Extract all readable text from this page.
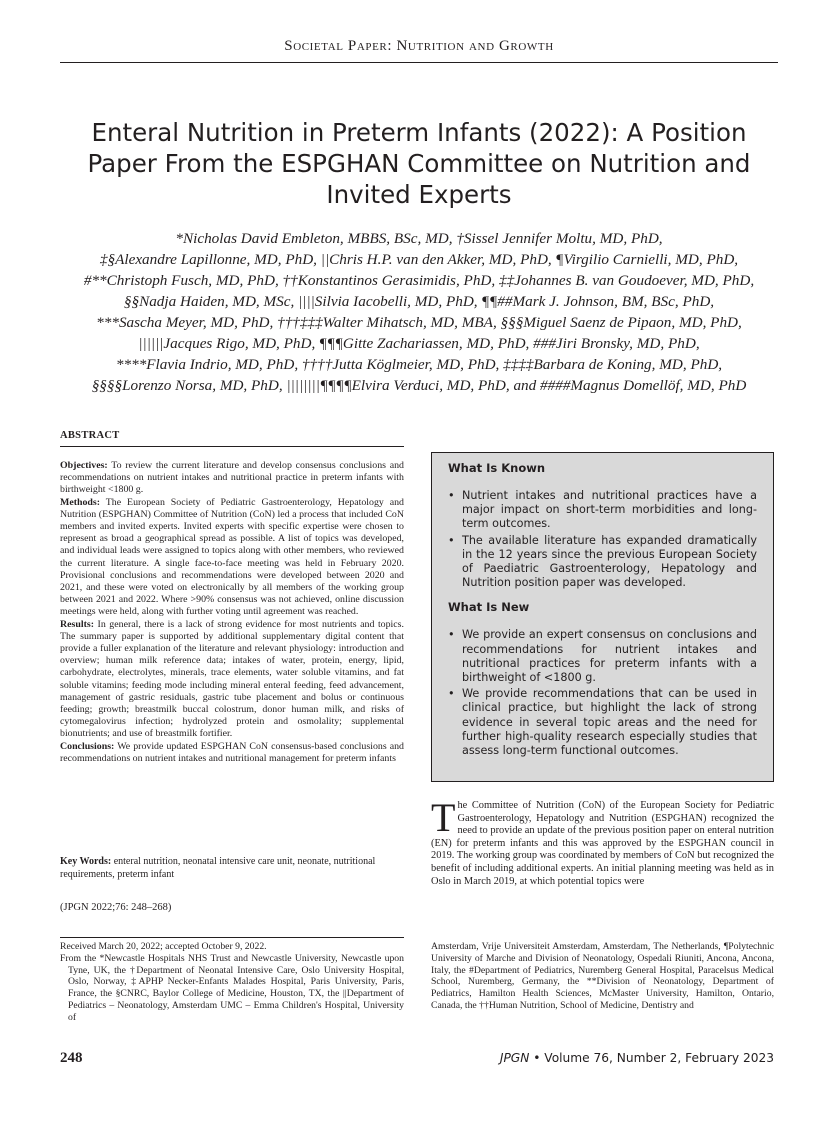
Societal Paper: Nutrition and Growth
Enteral Nutrition in Preterm Infants (2022): A Position Paper From the ESPGHAN Committee on Nutrition and Invited Experts
*Nicholas David Embleton, MBBS, BSc, MD, †Sissel Jennifer Moltu, MD, PhD,
‡§Alexandre Lapillonne, MD, PhD, ||Chris H.P. van den Akker, MD, PhD, ¶Virgilio Carnielli, MD, PhD,
#**Christoph Fusch, MD, PhD, ††Konstantinos Gerasimidis, PhD, ‡‡Johannes B. van Goudoever, MD, PhD,
§§Nadja Haiden, MD, MSc, ||||Silvia Iacobelli, MD, PhD, ¶¶##Mark J. Johnson, BM, BSc, PhD,
***Sascha Meyer, MD, PhD, †††‡‡‡Walter Mihatsch, MD, MBA, §§§Miguel Saenz de Pipaon, MD, PhD,
||||||Jacques Rigo, MD, PhD, ¶¶¶Gitte Zachariassen, MD, PhD, ###Jiri Bronsky, MD, PhD,
****Flavia Indrio, MD, PhD, ††††Jutta Köglmeier, MD, PhD, ‡‡‡‡Barbara de Koning, MD, PhD,
§§§§Lorenzo Norsa, MD, PhD, ||||||||¶¶¶¶Elvira Verduci, MD, PhD, and ####Magnus Domellöf, MD, PhD
ABSTRACT

Objectives: To review the current literature and develop consensus conclusions and recommendations on nutrient intakes and nutritional practice in preterm infants with birthweight <1800 g.

Methods: The European Society of Pediatric Gastroenterology, Hepatology and Nutrition (ESPGHAN) Committee of Nutrition (CoN) led a process that included CoN members and invited experts. Invited experts with specific expertise were chosen to represent as broad a geographical spread as possible. A list of topics was developed, and individual leads were assigned to topics along with other members, who reviewed the current literature. A single face-to-face meeting was held in February 2020. Provisional conclusions and recommendations were developed between 2020 and 2021, and these were voted on electronically by all members of the working group between 2021 and 2022. Where >90% consensus was not achieved, online discussion meetings were held, along with further voting until agreement was reached.

Results: In general, there is a lack of strong evidence for most nutrients and topics. The summary paper is supported by additional supplementary digital content that provide a fuller explanation of the literature and relevant physiology: introduction and overview; human milk reference data; intakes of water, protein, energy, lipid, carbohydrate, electrolytes, minerals, trace elements, water soluble vitamins, and fat soluble vitamins; feeding mode including mineral enteral feeding, feed advancement, management of gastric residuals, gastric tube placement and bolus or continuous feeding; growth; breastmilk buccal colostrum, donor human milk, and risks of cytomegalovirus infection; hydrolyzed protein and osmolality; supplemental bionutrients; and use of breastmilk fortifier.

Conclusions: We provide updated ESPGHAN CoN consensus-based conclusions and recommendations on nutrient intakes and nutritional management for preterm infants

Key Words: enteral nutrition, neonatal intensive care unit, neonate, nutritional requirements, preterm infant
(JPGN 2022;76: 248–268)
What Is Known
• Nutrient intakes and nutritional practices have a major impact on short-term morbidities and long-term outcomes.
• The available literature has expanded dramatically in the 12 years since the previous European Society of Paediatric Gastroenterology, Hepatology and Nutrition position paper was developed.
What Is New
• We provide an expert consensus on conclusions and recommendations for nutrient intakes and nutritional practices for preterm infants with a birthweight of <1800 g.
• We provide recommendations that can be used in clinical practice, but highlight the lack of strong evidence in several topic areas and the need for further high-quality research especially studies that assess long-term functional outcomes.
The Committee of Nutrition (CoN) of the European Society for Pediatric Gastroenterology, Hepatology and Nutrition (ESPGHAN) recognized the need to provide an update of the previous position paper on enteral nutrition (EN) for preterm infants and this was approved by the ESPGHAN council in 2019. The working group was coordinated by members of CoN but recognized the benefit of including additional experts. An initial planning meeting was held as in Oslo in March 2019, at which potential topics were
Received March 20, 2022; accepted October 9, 2022.
From the *Newcastle Hospitals NHS Trust and Newcastle University, Newcastle upon Tyne, UK, the †Department of Neonatal Intensive Care, Oslo University Hospital, Oslo, Norway, ‡APHP Necker-Enfants Malades Hospital, Paris University, Paris, France, the §CNRC, Baylor College of Medicine, Houston, TX, the ||Department of Pediatrics – Neonatology, Amsterdam UMC – Emma Children's Hospital, University of
Amsterdam, Vrije Universiteit Amsterdam, Amsterdam, The Netherlands, ¶Polytechnic University of Marche and Division of Neonatology, Ospedali Riuniti, Ancona, Ancona, Italy, the #Department of Pediatrics, Nuremberg General Hospital, Paracelsus Medical School, Nuremberg, Germany, the **Division of Neonatology, Department of Pediatrics, Hamilton Health Sciences, McMaster University, Hamilton, Ontario, Canada, the ††Human Nutrition, School of Medicine, Dentistry and
248	JPGN • Volume 76, Number 2, February 2023
